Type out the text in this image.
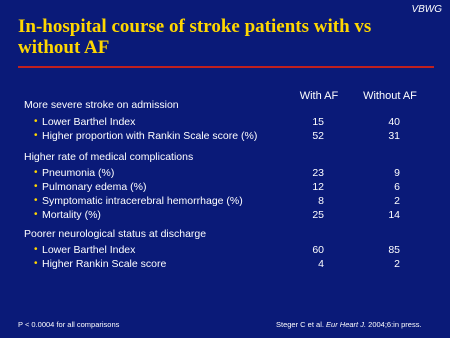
VBWG
In-hospital course of stroke patients with vs without AF
With AF	Without AF
More severe stroke on admission
• Lower Barthel Index	15	40
• Higher proportion with Rankin Scale score (%)	52	31
Higher rate of medical complications
• Pneumonia (%)	23	9
• Pulmonary edema (%)	12	6
• Symptomatic intracerebral hemorrhage (%)	8	2
• Mortality (%)	25	14
Poorer neurological status at discharge
• Lower Barthel Index	60	85
• Higher Rankin Scale score	4	2
P < 0.0004 for all comparisons	Steger C et al. Eur Heart J. 2004;6:in press.
